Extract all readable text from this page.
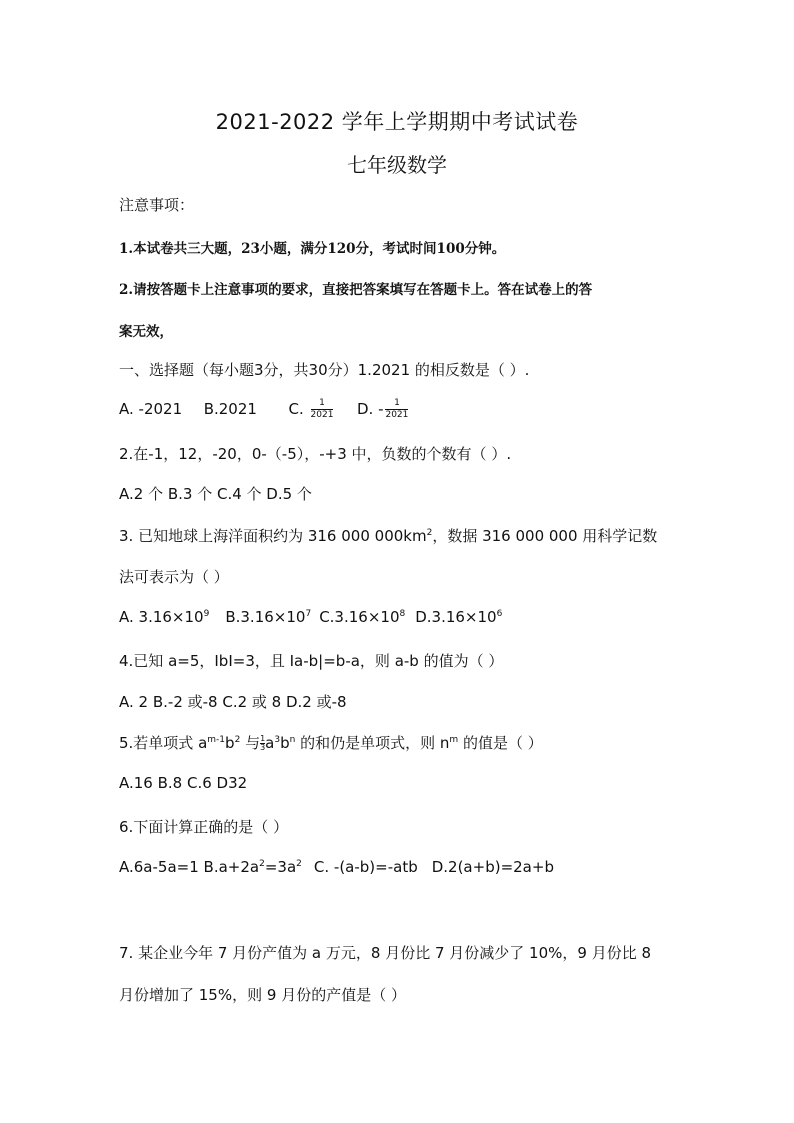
2021-2022 学年上学期期中考试试卷
七年级数学
注意事项：
1.本试卷共三大题，23小题，满分120分，考试时间100分钟。
2.请按答题卡上注意事项的要求，直接把答案填写在答题卡上。答在试卷上的答
案无效，
一、选择题（每小题3分，共30分）1.2021 的相反数是（ ）.
A. -2021 B.2021 C. $\frac{1}{2021} D$. - $\frac{1}{2021}$
2.在-1，12，-20，0-（-5），-+3 中，负数的个数有（ ）.
A.2 个 B.3 个 C.4 个 D.5 个
3. 已知地球上海洋面积约为 316 000 $000km^2$，数据 316 000 000 用科学记数
法可表示为（ ）
A. $3.16\times 10^9$ $B.3.16\times 10^7$ $C.3.16\times 10^8$ $D.3.16\times 10^6$
4.已知 a=5，IbI=3，且 Ia-b|=b-a，则 a-b 的值为（ ）
A. 2 B.-2 或-8 C.2 或 8 D.2 或-8
5.若单项式 $a^{m-1}b^2$ 与 $\frac{1}{3}a^3b^n$ 的和仍是单项式，则 $n^m$ 的值是（ ）
A.16 B.8 C.6 D32
6.下面计算正确的是（ ）
A.6a-5a=1 $B.a+2a^2=3a^2$ C. -(a-b)=-atb D.2(a+b)=2a+b
7. 某企业今年 7 月份产值为 a 万元，8 月份比 7 月份减少了 10%，9 月份比 8
月份增加了 15%，则 9 月份的产值是（ ）
